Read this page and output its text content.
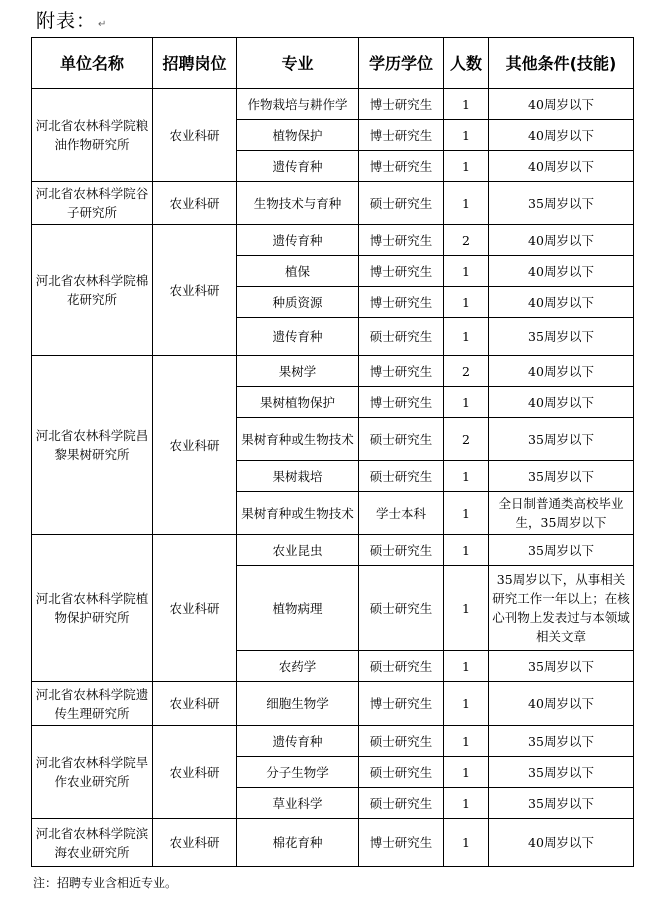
附表： ↵
单位名称	招聘岗位	专业	学历学位	人数	其他条件(技能)
河北省农林科学院粮油作物研究所	农业科研	作物栽培与耕作学	博士研究生	1	40周岁以下
		植物保护	博士研究生	1	40周岁以下
		遗传育种	博士研究生	1	40周岁以下
河北省农林科学院谷子研究所	农业科研	生物技术与育种	硕士研究生	1	35周岁以下
河北省农林科学院棉花研究所	农业科研	遗传育种	博士研究生	2	40周岁以下
		植保	博士研究生	1	40周岁以下
		种质资源	博士研究生	1	40周岁以下
		遗传育种	硕士研究生	1	35周岁以下
河北省农林科学院昌黎果树研究所	农业科研	果树学	博士研究生	2	40周岁以下
		果树植物保护	博士研究生	1	40周岁以下
		果树育种或生物技术	硕士研究生	2	35周岁以下
		果树栽培	硕士研究生	1	35周岁以下
		果树育种或生物技术	学士本科	1	全日制普通类高校毕业生，35周岁以下
河北省农林科学院植物保护研究所	农业科研	农业昆虫	硕士研究生	1	35周岁以下
		植物病理	硕士研究生	1	35周岁以下，从事相关研究工作一年以上；在核心刊物上发表过与本领域相关文章
		农药学	硕士研究生	1	35周岁以下
河北省农林科学院遗传生理研究所	农业科研	细胞生物学	博士研究生	1	40周岁以下
河北省农林科学院旱作农业研究所	农业科研	遗传育种	硕士研究生	1	35周岁以下
		分子生物学	硕士研究生	1	35周岁以下
		草业科学	硕士研究生	1	35周岁以下
河北省农林科学院滨海农业研究所	农业科研	棉花育种	博士研究生	1	40周岁以下
注：招聘专业含相近专业。
